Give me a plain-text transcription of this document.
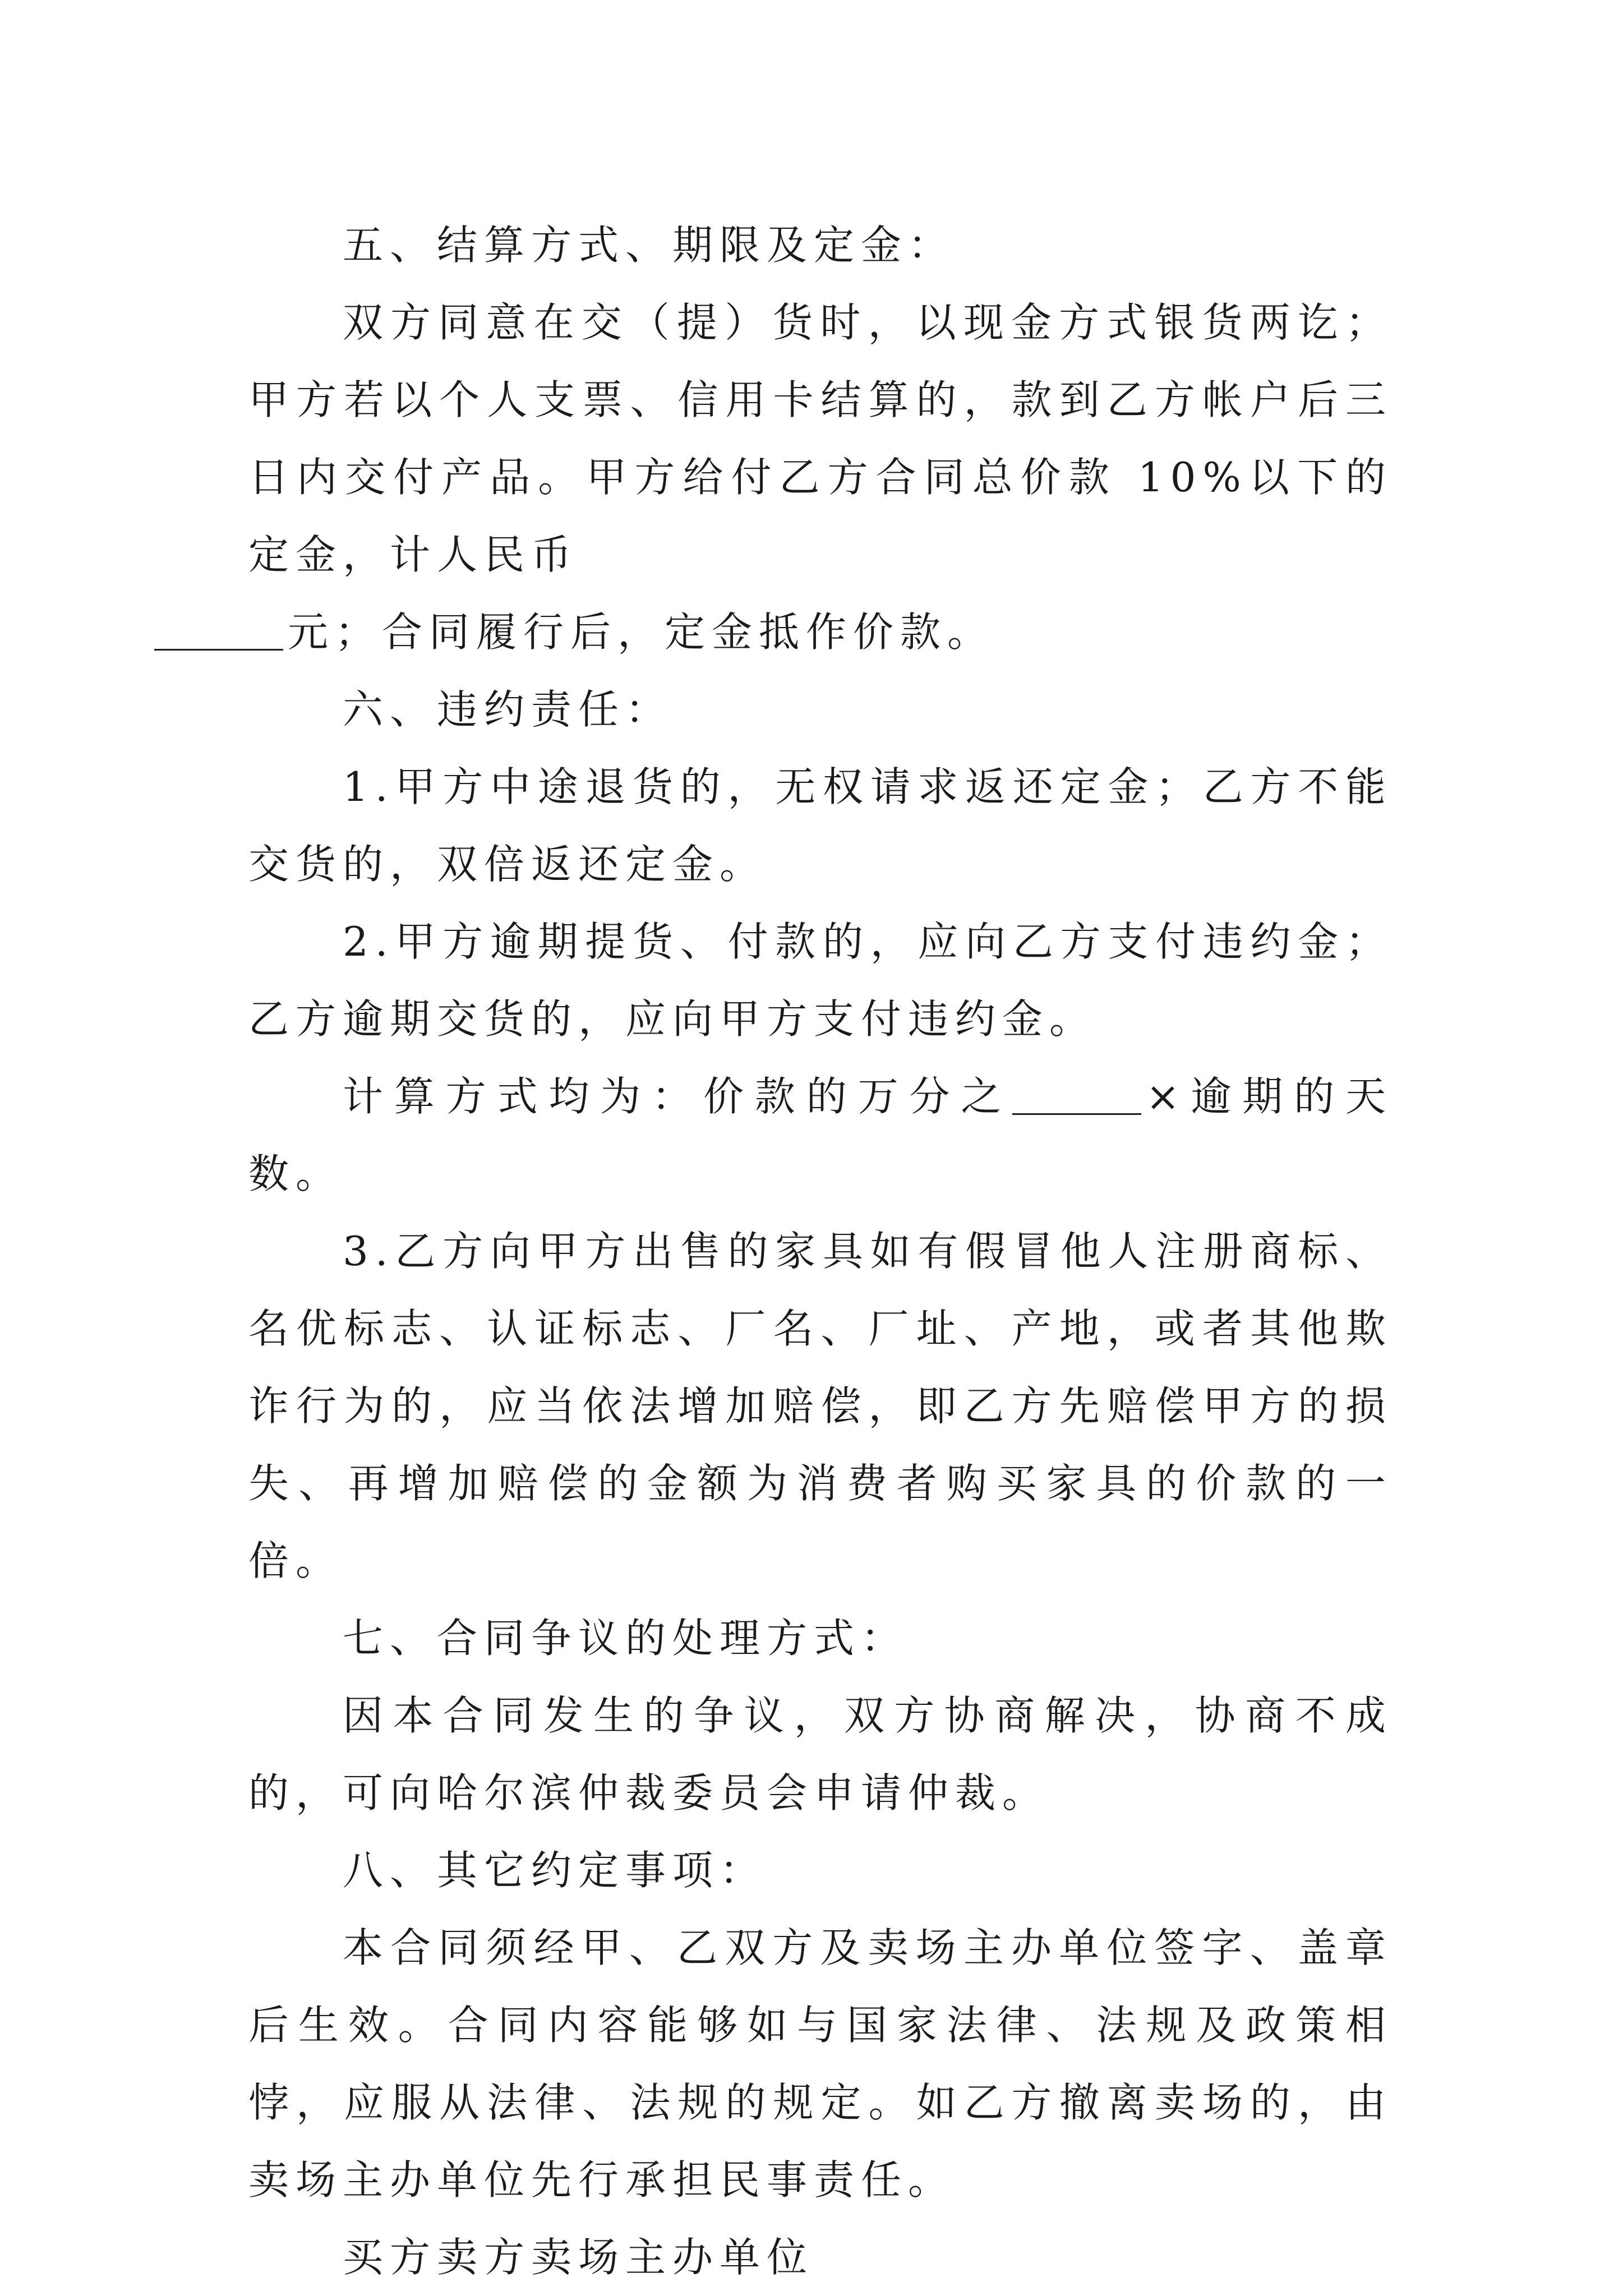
五、结算方式、期限及定金：

双方同意在交（提）货时，以现金方式银货两讫；甲方若以个人支票、信用卡结算的，款到乙方帐户后三日内交付产品。甲方给付乙方合同总价款 10%以下的定金，计人民币
元；合同履行后，定金抵作价款。

六、违约责任：

1.甲方中途退货的，无权请求返还定金；乙方不能交货的，双倍返还定金。

2.甲方逾期提货、付款的，应向乙方支付违约金；乙方逾期交货的，应向甲方支付违约金。

计算方式均为：价款的万分之	×逾期的天数。

3.乙方向甲方出售的家具如有假冒他人注册商标、名优标志、认证标志、厂名、厂址、产地，或者其他欺诈行为的，应当依法增加赔偿，即乙方先赔偿甲方的损失、再增加赔偿的金额为消费者购买家具的价款的一倍。

七、合同争议的处理方式：

因本合同发生的争议，双方协商解决，协商不成的，可向哈尔滨仲裁委员会申请仲裁。

八、其它约定事项：

本合同须经甲、乙双方及卖场主办单位签字、盖章后生效。合同内容能够如与国家法律、法规及政策相悖，应服从法律、法规的规定。如乙方撤离卖场的，由卖场主办单位先行承担民事责任。

买方卖方卖场主办单位
